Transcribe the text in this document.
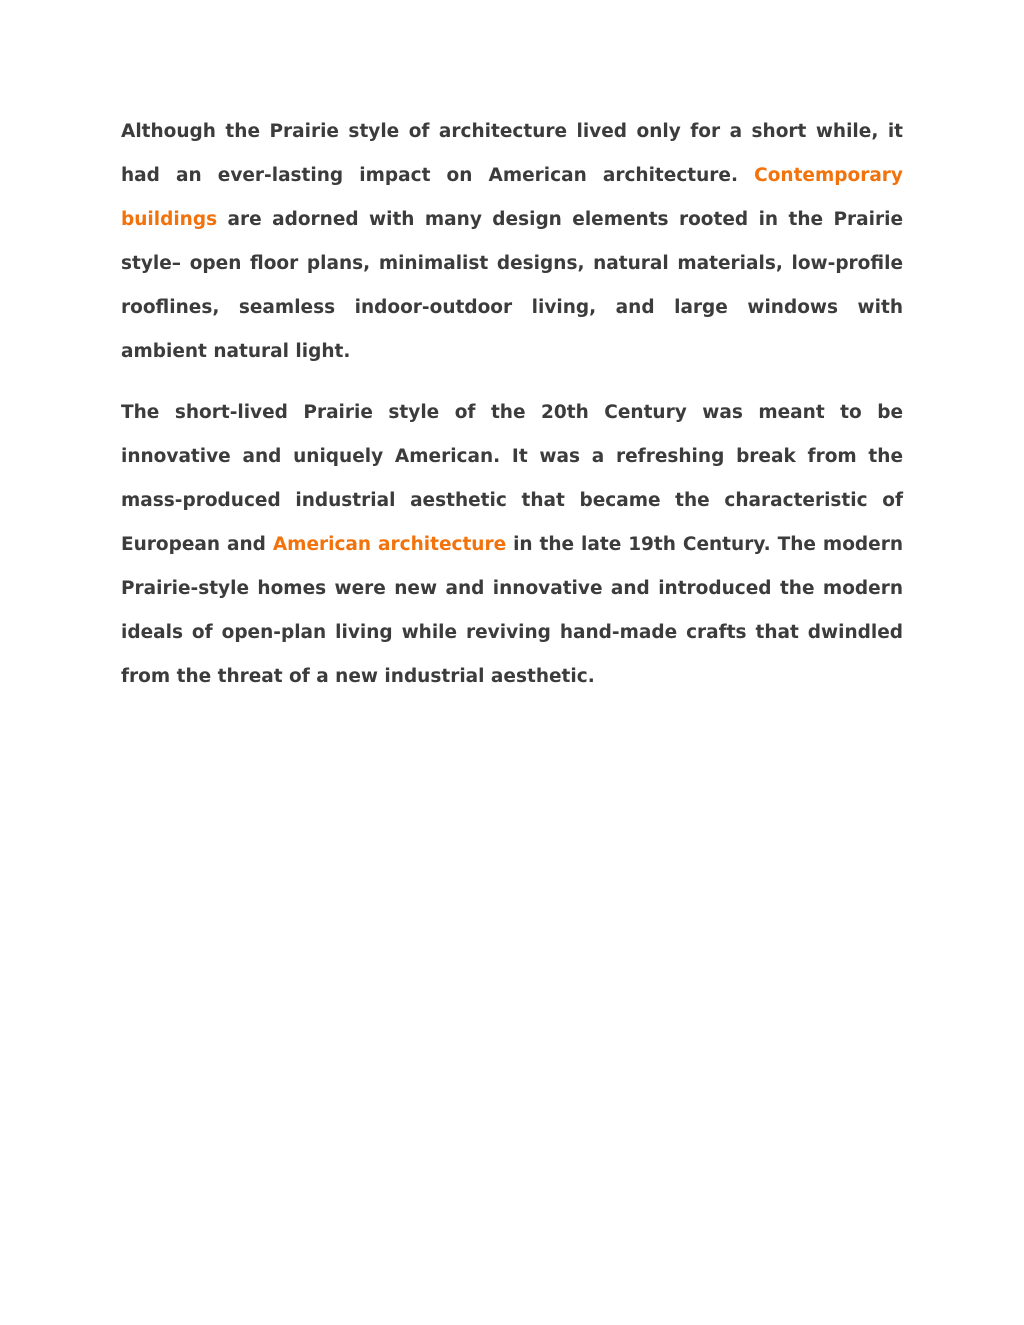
Although the Prairie style of architecture lived only for a short while, it had an ever-lasting impact on American architecture. Contemporary buildings are adorned with many design elements rooted in the Prairie style– open floor plans, minimalist designs, natural materials, low-profile rooflines, seamless indoor-outdoor living, and large windows with ambient natural light.

The short-lived Prairie style of the 20th Century was meant to be innovative and uniquely American. It was a refreshing break from the mass-produced industrial aesthetic that became the characteristic of European and American architecture in the late 19th Century. The modern Prairie-style homes were new and innovative and introduced the modern ideals of open-plan living while reviving hand-made crafts that dwindled from the threat of a new industrial aesthetic.
